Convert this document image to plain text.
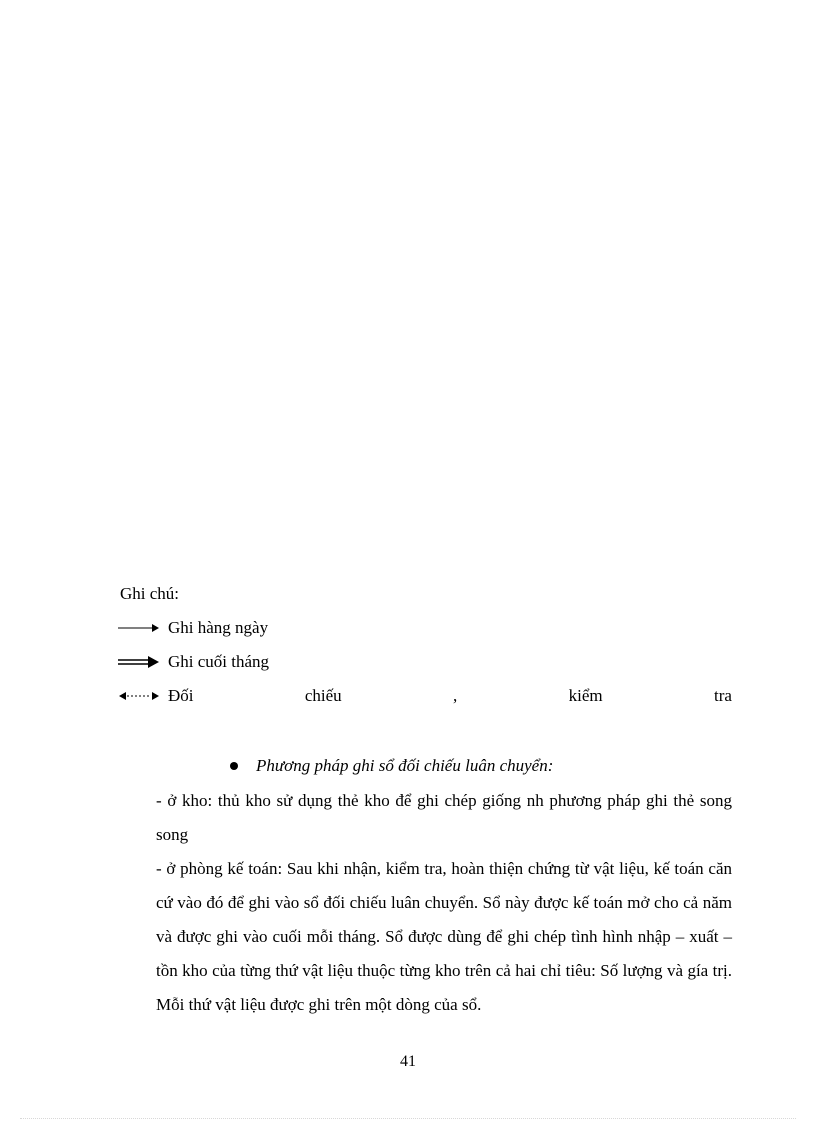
Ghi chú:
Ghi hàng ngày
Ghi cuối tháng
Đối	chiếu	,	kiểm	tra
Phương pháp ghi sổ đối chiếu luân chuyển:
- ở kho: thủ kho sử dụng thẻ kho để ghi chép giống nh phương pháp ghi thẻ song song
- ở phòng kế toán: Sau khi nhận, kiểm tra, hoàn thiện chứng từ vật liệu, kế toán căn cứ vào đó để ghi vào sổ đối chiếu luân chuyển. Sổ này được kế toán mở cho cả năm và được ghi vào cuối mỗi tháng. Sổ được dùng để ghi chép tình hình nhập – xuất – tồn kho của từng thứ vật liệu thuộc từng kho trên cả hai chỉ tiêu: Số lượng và gía trị. Mỗi thứ vật liệu được ghi trên một dòng của sổ.
41
